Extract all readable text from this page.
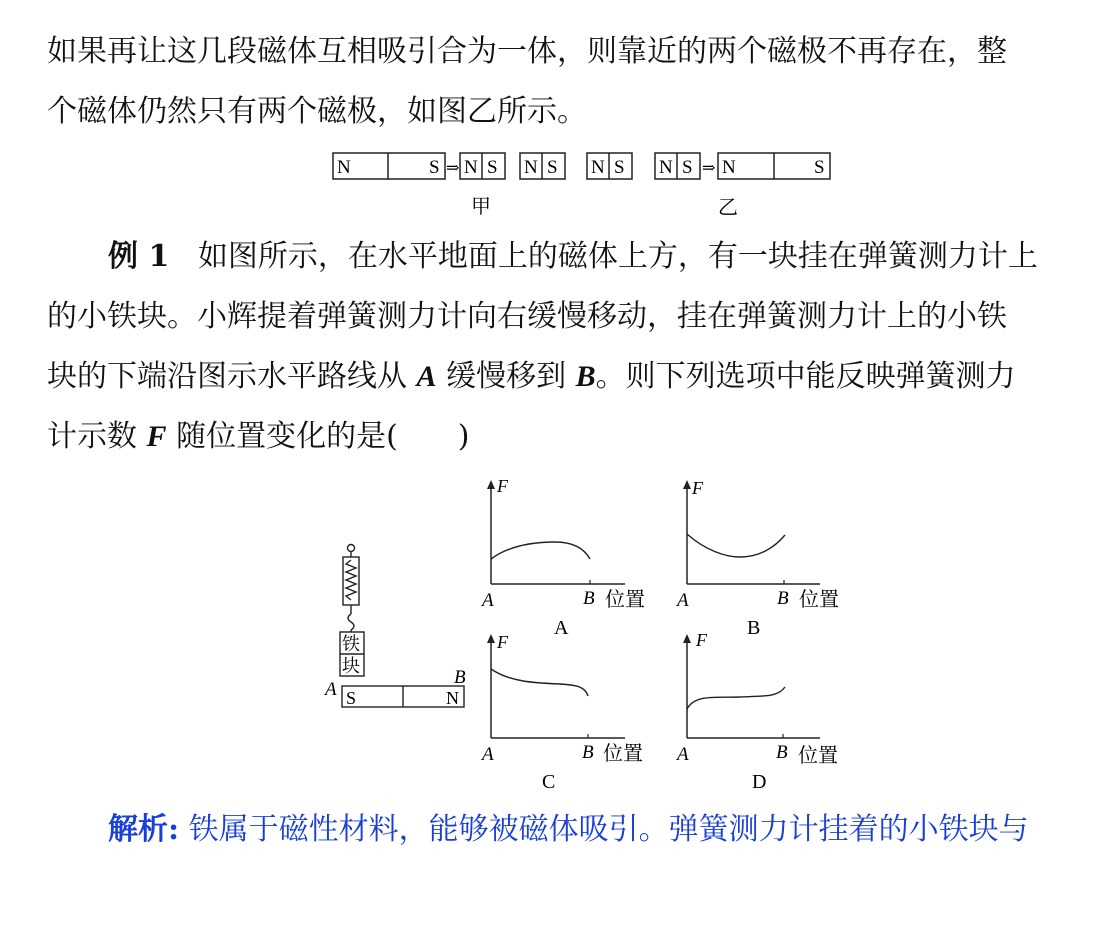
如果再让这几段磁体互相吸引合为一体，则靠近的两个磁极不再存在，整
个磁体仍然只有两个磁极，如图乙所示。
N	S ⇒ N S N S N S N S ⇒ N	S
甲	乙
例 1 如图所示，在水平地面上的磁体上方，有一块挂在弹簧测力计上
的小铁块。小辉提着弹簧测力计向右缓慢移动，挂在弹簧测力计上的小铁
块的下端沿图示水平路线从 A 缓慢移到 B。则下列选项中能反映弹簧测力
计示数 F 随位置变化的是(　　)
铁
块
A
B
S	N
F
A	B 位置
A
F
A	B 位置
B
F
A	B 位置
C
F
A	B 位置
D
解析: 铁属于磁性材料，能够被磁体吸引。弹簧测力计挂着的小铁块与
